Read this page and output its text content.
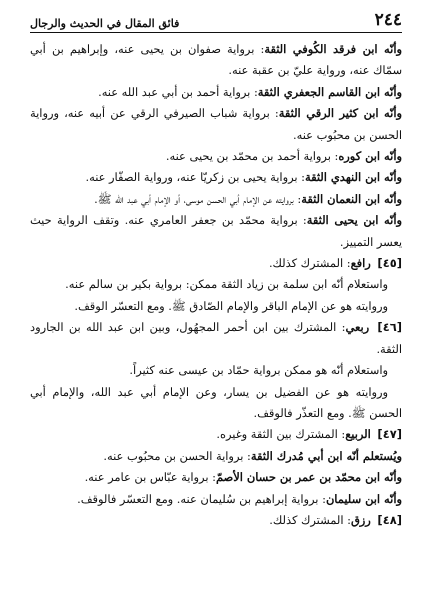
٢٤٤
فائق المقال في الحديث والرجال

وأنّه ابن فرقد الكُوفي الثقة: برواية صفوان بن يحيى عنه، وإبراهيم بن أبي سمّاك عنه، ورواية عليّ بن عقبة عنه.

وأنّه ابن القاسم الجعفري الثقة: برواية أحمد بن أبي عبد الله عنه.

وأنّه ابن كثير الرقي الثقة: برواية شباب الصيرفي الرقي عن أبيه عنه، ورواية الحسن بن محبُوب عنه.

وأنّه ابن كوره: برواية أحمد بن محمّد بن يحيى عنه.

وأنّه ابن النهدي الثقة: برواية يحيى بن زكريّا عنه، ورواية الصفّار عنه.

وأنّه ابن النعمان الثقة: بروايته عن الإمام أبي الحسن موسى، أو الإمام أبي عبد الله ﷺ.

وأنّه ابن يحيى الثقة: برواية محمّد بن جعفر العامري عنه. وتقف الرواية حيث يعسر التمييز.

[٤٥] رافع: المشترك كذلك.

واستعلام أنّه ابن سلمة بن زياد الثقة ممكن: برواية بكير بن سالم عنه.

وروايته هو عن الإمام الباقر والإمام الصّادق ﷺ. ومع التعسّر الوقف.

[٤٦] ربعي: المشترك بين ابن أحمر المجهُول، وبين ابن عبد الله بن الجارود الثقة.

واستعلام أنّه هو ممكن برواية حمّاد بن عيسى عنه كثيراً.

وروايته هو عن الفضيل بن يسار، وعن الإمام أبي عبد الله، والإمام أبي الحسن ﷺ. ومع التعذّر فالوقف.

[٤٧] الربيع: المشترك بين الثقة وغيره.

ويُستعلم أنّه ابن أبي مُدرك الثقة: برواية الحسن بن محبُوب عنه.

وأنّه ابن محمّد بن عمر بن حسان الأصمّ: برواية عبّاس بن عامر عنه.

وأنّه ابن سليمان: برواية إبراهيم بن سُليمان عنه. ومع التعسّر فالوقف.

[٤٨] رزق: المشترك كذلك.
